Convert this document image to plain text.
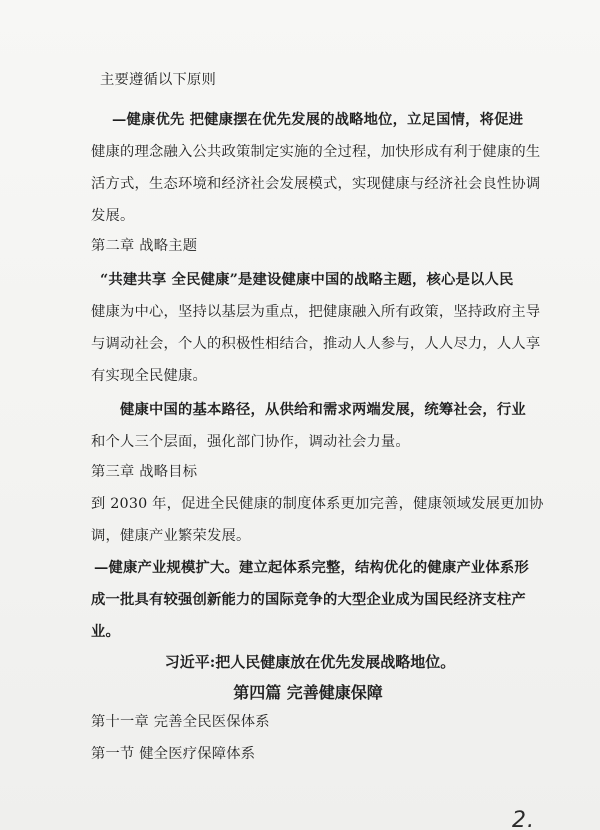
主要遵循以下原则
—健康优先 把健康摆在优先发展的战略地位，立足国情，将促进
健康的理念融入公共政策制定实施的全过程，加快形成有利于健康的生
活方式，生态环境和经济社会发展模式，实现健康与经济社会良性协调
发展。
第二章 战略主题
“共建共享 全民健康”是建设健康中国的战略主题，核心是以人民
健康为中心，坚持以基层为重点，把健康融入所有政策，坚持政府主导
与调动社会，个人的积极性相结合，推动人人参与，人人尽力，人人享
有实现全民健康。
健康中国的基本路径，从供给和需求两端发展，统筹社会，行业
和个人三个层面，强化部门协作，调动社会力量。
第三章 战略目标
到 2030 年，促进全民健康的制度体系更加完善，健康领域发展更加协
调，健康产业繁荣发展。
—健康产业规模扩大。建立起体系完整，结构优化的健康产业体系形
成一批具有较强创新能力的国际竞争的大型企业成为国民经济支柱产
业。
习近平:把人民健康放在优先发展战略地位。
第四篇 完善健康保障
第十一章 完善全民医保体系
第一节 健全医疗保障体系
2.
